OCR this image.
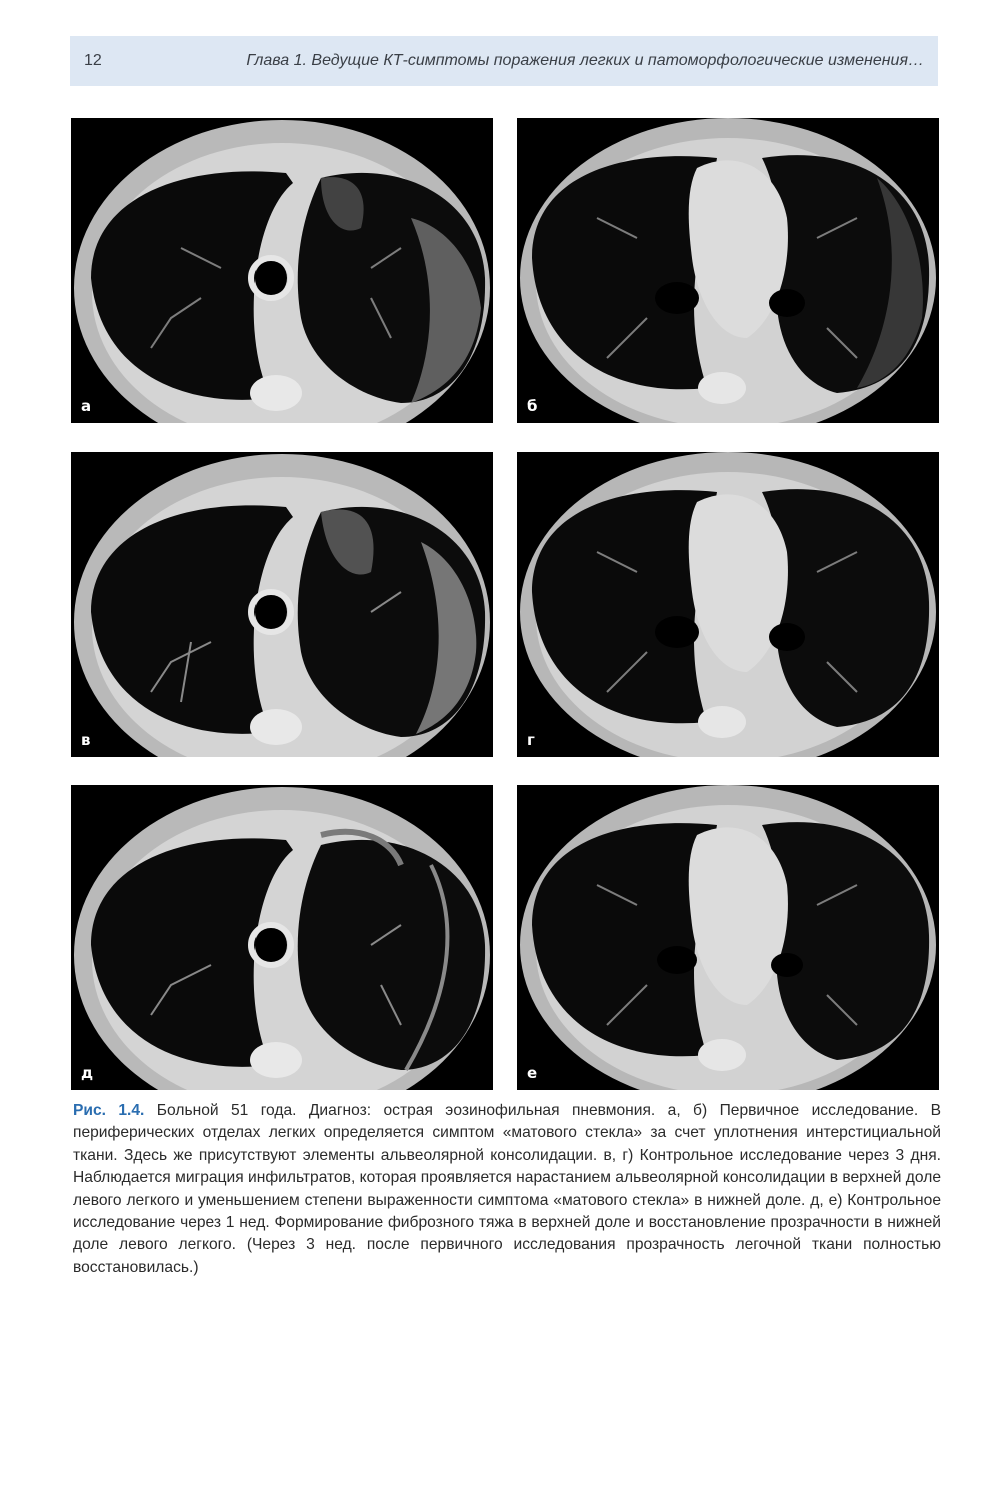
12	Глава 1. Ведущие КТ-симптомы поражения легких и патоморфологические изменения…
а	б
в	г
д	е
Рис. 1.4. Больной 51 года. Диагноз: острая эозинофильная пневмония. а, б) Первичное исследование. В периферических отделах легких определяется симптом «матового стекла» за счет уплотнения интерстициальной ткани. Здесь же присутствуют элементы альвеолярной консолидации. в, г) Контрольное исследование через 3 дня. Наблюдается миграция инфильтратов, которая проявляется нарастанием альвеолярной консолидации в верхней доле левого легкого и уменьшением степени выраженности симптома «матового стекла» в нижней доле. д, е) Контрольное исследование через 1 нед. Формирование фиброзного тяжа в верхней доле и восстановление прозрачности в нижней доле левого легкого. (Через 3 нед. после первичного исследования прозрачность легочной ткани полностью восстановилась.)
